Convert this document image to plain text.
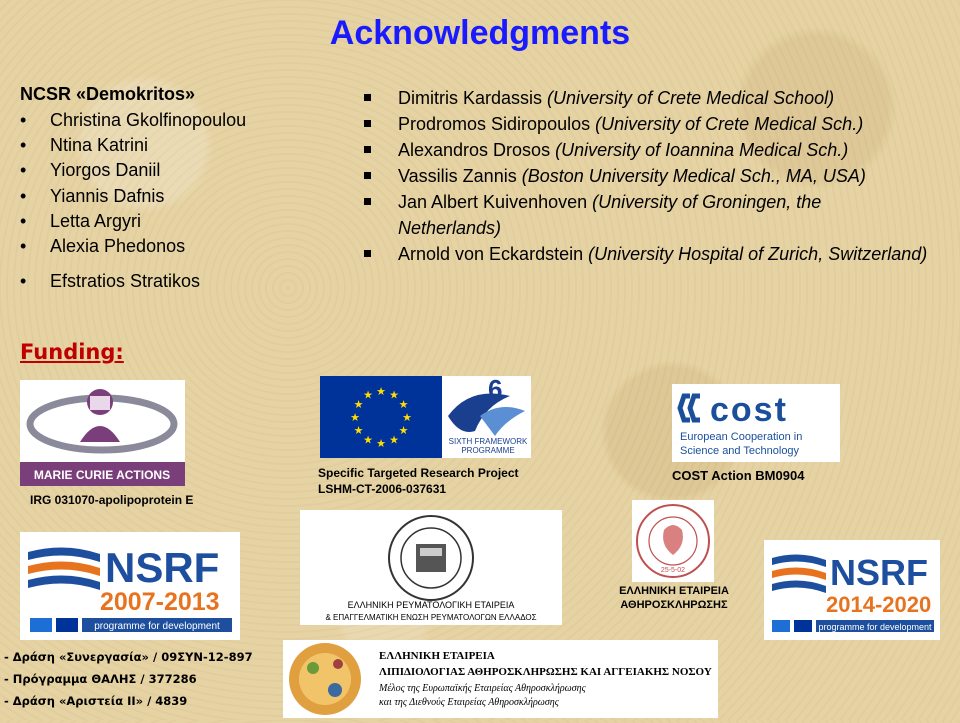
Acknowledgments
NCSR «Demokritos»
• Christina Gkolfinopoulou
• Ntina Katrini
• Yiorgos Daniil
• Yiannis Dafnis
• Letta Argyri
• Alexia Phedonos
• Efstratios Stratikos
Dimitris Kardassis (University of Crete Medical School)
Prodromos Sidiropoulos (University of Crete Medical Sch.)
Alexandros Drosos (University of Ioannina Medical Sch.)
Vassilis Zannis (Boston University Medical Sch., MA, USA)
Jan Albert Kuivenhoven (University of Groningen, the Netherlands)
Arnold von Eckardstein (University Hospital of Zurich, Switzerland)
Funding:
MARIE CURIE ACTIONS
IRG 031070-apolipoprotein E
★
★
★
★
★
★
★
★
★ ★ ★
★
6
SIXTH FRAMEWORK
PROGRAMME
Specific Targeted Research Project
LSHM-CT-2006-037631
cost
European Cooperation in
Science and Technology
COST Action BM0904
NSRF
2007-2013
programme for development
ΕΛΛΗΝΙΚΗ ΡΕΥΜΑΤΟΛΟΓΙΚΗ ΕΤΑΙΡΕΙΑ
& ΕΠΑΓΓΕΛΜΑΤΙΚΗ ΕΝΩΣΗ ΡΕΥΜΑΤΟΛΟΓΩΝ ΕΛΛΑΔΟΣ
25-5-02
ΕΛΛΗΝΙΚΗ ΕΤΑΙΡΕΙΑ
ΑΘΗΡΟΣΚΛΗΡΩΣΗΣ
NSRF
2014-2020
programme for development
- Δράση «Συνεργασία» / 09ΣΥΝ-12-897
- Πρόγραμμα ΘΑΛΗΣ / 377286
- Δράση «Αριστεία ΙΙ» / 4839
ΕΛΛΗΝΙΚΗ ΕΤΑΙΡΕΙΑ
ΛΙΠΙΔΙΟΛΟΓΙΑΣ ΑΘΗΡΟΣΚΛΗΡΩΣΗΣ ΚΑΙ ΑΓΓΕΙΑΚΗΣ ΝΟΣΟΥ
Μέλος της Ευρωπαϊκής Εταιρείας Αθηροσκλήρωσης
και της Διεθνούς Εταιρείας Αθηροσκλήρωσης
